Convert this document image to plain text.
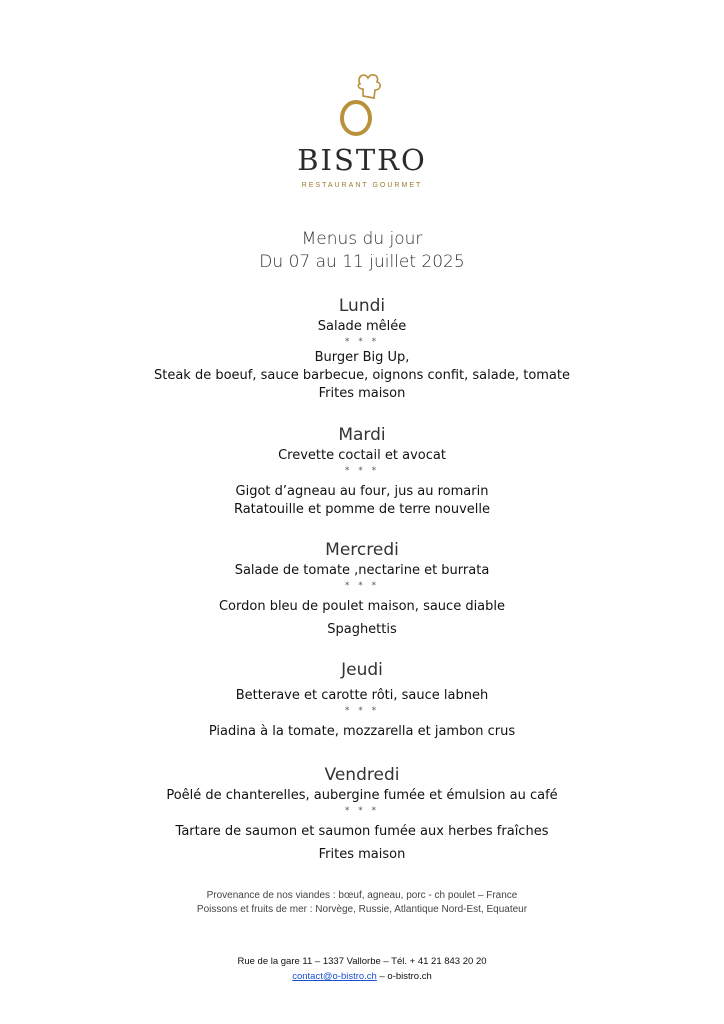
BISTRO
RESTAURANT GOURMET
Menus du jour
Du 07 au 11 juillet 2025
Lundi
Salade mêlée
* * *
Burger Big Up,
Steak de boeuf, sauce barbecue, oignons confit, salade, tomate
Frites maison
Mardi
Crevette coctail et avocat
* * *
Gigot d’agneau au four, jus au romarin
Ratatouille et pomme de terre nouvelle
Mercredi
Salade de tomate ,nectarine et burrata
* * *
Cordon bleu de poulet maison, sauce diable
Spaghettis
Jeudi
Betterave et carotte rôti, sauce labneh
* * *
Piadina à la tomate, mozzarella et jambon crus
Vendredi
Poêlé de chanterelles, aubergine fumée et émulsion au café
* * *
Tartare de saumon et saumon fumée aux herbes fraîches
Frites maison
Provenance de nos viandes : bœuf, agneau, porc - ch poulet – France
Poissons et fruits de mer : Norvège, Russie, Atlantique Nord-Est, Equateur
Rue de la gare 11 – 1337 Vallorbe – Tél. + 41 21 843 20 20
contact@o-bistro.ch – o-bistro.ch
